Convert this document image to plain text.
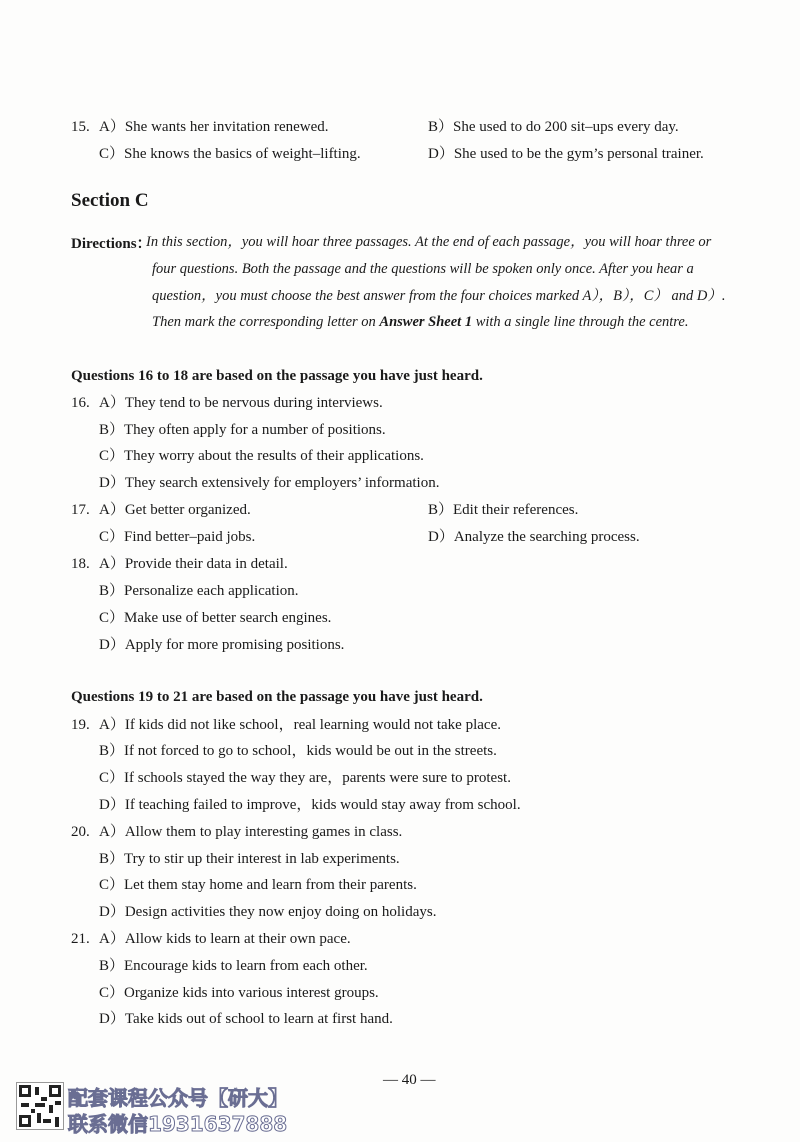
15. A）She wants her invitation renewed.	B）She used to do 200 sit–ups every day.
C）She knows the basics of weight–lifting.	D）She used to be the gym’s personal trainer.
Section C
Directions：
In this section，you will hoar three passages. At the end of each passage，you will hoar three or
four questions. Both the passage and the questions will be spoken only once. After you hear a
question，you must choose the best answer from the four choices marked A），B），C） and D）.
Then mark the corresponding letter on Answer Sheet 1 with a single line through the centre.
Questions 16 to 18 are based on the passage you have just heard.
16. A）They tend to be nervous during interviews.
B）They often apply for a number of positions.
C）They worry about the results of their applications.
D）They search extensively for employers’ information.
17. A）Get better organized.	B）Edit their references.
C）Find better–paid jobs.	D）Analyze the searching process.
18. A）Provide their data in detail.
B）Personalize each application.
C）Make use of better search engines.
D）Apply for more promising positions.
Questions 19 to 21 are based on the passage you have just heard.
19. A）If kids did not like school，real learning would not take place.
B）If not forced to go to school，kids would be out in the streets.
C）If schools stayed the way they are，parents were sure to protest.
D）If teaching failed to improve，kids would stay away from school.
20. A）Allow them to play interesting games in class.
B）Try to stir up their interest in lab experiments.
C）Let them stay home and learn from their parents.
D）Design activities they now enjoy doing on holidays.
21. A）Allow kids to learn at their own pace.
B）Encourage kids to learn from each other.
C）Organize kids into various interest groups.
D）Take kids out of school to learn at first hand.
— 40 —
配套课程公众号【研大】
联系微信1931637888
